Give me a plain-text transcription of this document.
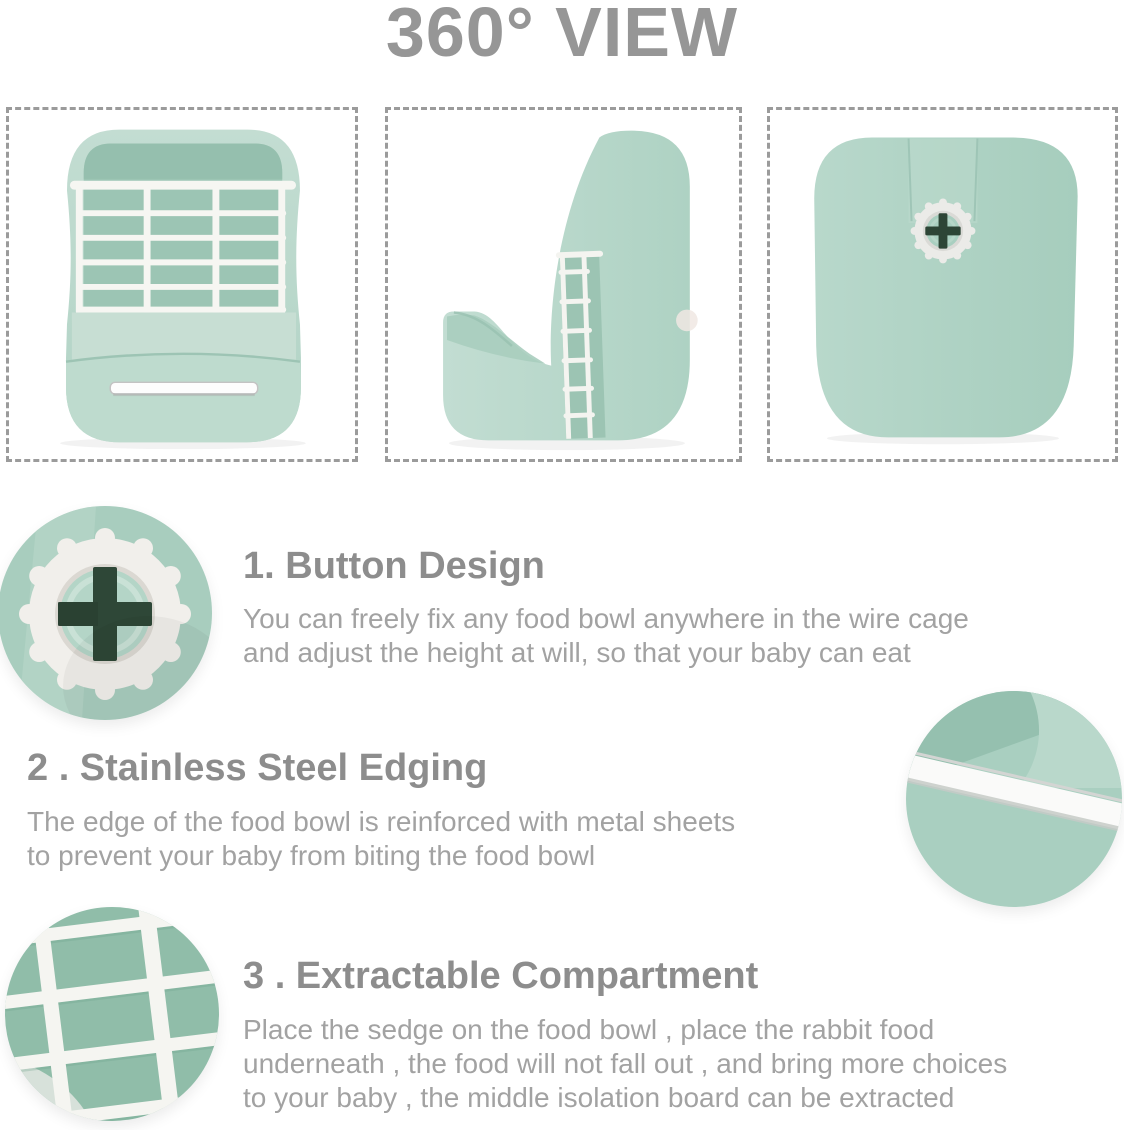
360° VIEW
1. Button Design
You can freely fix any food bowl anywhere in the wire cage
and adjust the height at will, so that your baby can eat
2 . Stainless Steel Edging
The edge of the food bowl is reinforced with metal sheets
to prevent your baby from biting the food bowl
3 . Extractable Compartment
Place the sedge on the food bowl , place the rabbit food
underneath , the food will not fall out , and bring more choices
to your baby , the middle isolation board can be extracted
